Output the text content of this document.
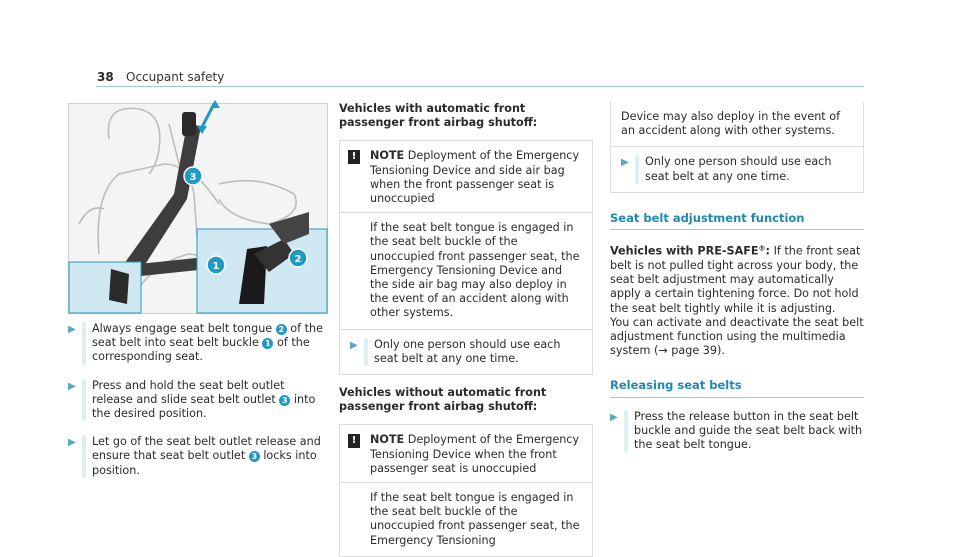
38 Occupant safety
1
2
3
▶	Always engage seat belt tongue 2 of the seat belt into seat belt buckle 1 of the corresponding seat.
▶	Press and hold the seat belt outlet release and slide seat belt outlet 3 into the desired position.
▶	Let go of the seat belt outlet release and ensure that seat belt outlet 3 locks into position.
Vehicles with automatic front passenger front airbag shutoff:
!	NOTE Deployment of the Emergency Tensioning Device and side air bag when the front passenger seat is unoccupied
If the seat belt tongue is engaged in the seat belt buckle of the unoccupied front passenger seat, the Emergency Tensioning Device and the side air bag may also deploy in the event of an accident along with other systems.
▶	Only one person should use each seat belt at any one time.
Vehicles without automatic front passenger front airbag shutoff:
!	NOTE Deployment of the Emergency Tensioning Device when the front passenger seat is unoccupied
If the seat belt tongue is engaged in the seat belt buckle of the unoccupied front passenger seat, the Emergency Tensioning
Device may also deploy in the event of an accident along with other systems.
▶	Only one person should use each seat belt at any one time.
Seat belt adjustment function
Vehicles with PRE-SAFE®: If the front seat belt is not pulled tight across your body, the seat belt adjustment may automatically apply a certain tightening force. Do not hold the seat belt tightly while it is adjusting.
You can activate and deactivate the seat belt adjustment function using the multimedia system (→ page 39).
Releasing seat belts
▶	Press the release button in the seat belt buckle and guide the seat belt back with the seat belt tongue.
